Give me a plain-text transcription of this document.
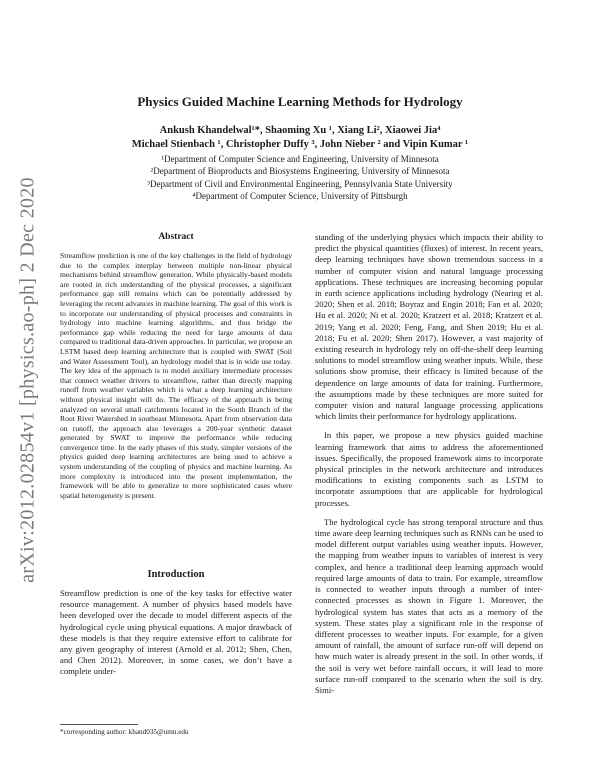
arXiv:2012.02854v1 [physics.ao-ph] 2 Dec 2020
Physics Guided Machine Learning Methods for Hydrology
Ankush Khandelwal¹*, Shaoming Xu ¹, Xiang Li², Xiaowei Jia⁴
Michael Stienbach ¹, Christopher Duffy ³, John Nieber ² and Vipin Kumar ¹
¹Department of Computer Science and Engineering, University of Minnesota
²Department of Bioproducts and Biosystems Engineering, University of Minnesota
³Department of Civil and Environmental Engineering, Pennsylvania State University
⁴Department of Computer Science, University of Pittsburgh
Abstract
Streamflow prediction is one of the key challenges in the field of hydrology due to the complex interplay between multiple non-linear physical mechanisms behind streamflow generation. While physically-based models are rooted in rich understanding of the physical processes, a significant performance gap still remains which can be potentially addressed by leveraging the recent advances in machine learning. The goal of this work is to incorporate our understanding of physical processes and constraints in hydrology into machine learning algorithms, and thus bridge the performance gap while reducing the need for large amounts of data compared to traditional data-driven approaches. In particular, we propose an LSTM based deep learning architecture that is coupled with SWAT (Soil and Water Assessment Tool), an hydrology model that is in wide use today. The key idea of the approach is to model auxiliary intermediate processes that connect weather drivers to streamflow, rather than directly mapping runoff from weather variables which is what a deep learning architecture without physical insight will do. The efficacy of the approach is being analyzed on several small catchments located in the South Branch of the Root River Watershed in southeast Minnesota. Apart from observation data on runoff, the approach also leverages a 200-year synthetic dataset generated by SWAT to improve the performance while reducing convergence time. In the early phases of this study, simpler versions of the physics guided deep learning architectures are being used to achieve a system understanding of the coupling of physics and machine learning. As more complexity is introduced into the present implementation, the framework will be able to generalize to more sophisticated cases where spatial heterogeneity is present.
Introduction
Streamflow prediction is one of the key tasks for effective water resource management. A number of physics based models have been developed over the decade to model different aspects of the hydrological cycle using physical equations. A major drawback of these models is that they require extensive effort to calibrate for any given geography of interest (Arnold et al. 2012; Shen, Chen, and Chen 2012). Moreover, in some cases, we don’t have a complete under-
*corresponding author: khand035@umn.edu

standing of the underlying physics which impacts their ability to predict the physical quantities (fluxes) of interest. In recent years, deep learning techniques have shown tremendous success in a number of computer vision and natural language processing applications. These techniques are increasing becoming popular in earth science applications including hydrology (Nearing et al. 2020; Shen et al. 2018; Boyraz and Engin 2018; Fan et al. 2020; Hu et al. 2020; Ni et al. 2020; Kratzert et al. 2018; Kratzert et al. 2019; Yang et al. 2020; Feng, Fang, and Shen 2019; Hu et al. 2018; Fu et al. 2020; Shen 2017). However, a vast majority of existing research in hydrology rely on off-the-shelf deep learning solutions to model streamflow using weather inputs. While, these solutions show promise, their efficacy is limited because of the dependence on large amounts of data for training. Furthermore, the assumptions made by these techniques are more suited for computer vision and natural language processing applications which limits their performance for hydrology applications.

In this paper, we propose a new physics guided machine learning framework that aims to address the aforementioned issues. Specifically, the proposed framework aims to incorporate physical principles in the network architecture and introduces modifications to existing components such as LSTM to incorporate assumptions that are applicable for hydrological processes.

The hydrological cycle has strong temporal structure and thus time aware deep learning techniques such as RNNs can be used to model different output variables using weather inputs. However, the mapping from weather inputs to variables of interest is very complex, and hence a traditional deep learning approach would required large amounts of data to train. For example, streamflow is connected to weather inputs through a number of inter-connected processes as shown in Figure 1. Moreover, the hydrological system has states that acts as a memory of the system. These states play a significant role in the response of different processes to weather inputs. For example, for a given amount of rainfall, the amount of surface run-off will depend on how much water is already present in the soil. In other words, if the soil is very wet before rainfall occurs, it will lead to more surface run-off compared to the scenario when the soil is dry. Simi-
